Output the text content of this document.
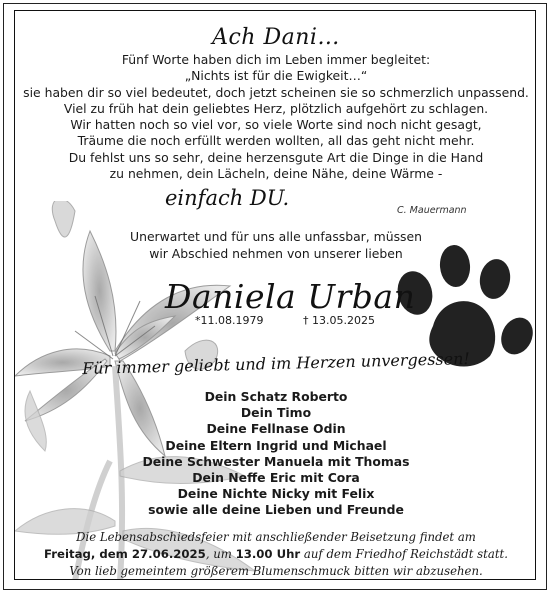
Ach Dani…
Fünf Worte haben dich im Leben immer begleitet:
„Nichts ist für die Ewigkeit…“
sie haben dir so viel bedeutet, doch jetzt scheinen sie so schmerzlich unpassend.
Viel zu früh hat dein geliebtes Herz, plötzlich aufgehört zu schlagen.
Wir hatten noch so viel vor, so viele Worte sind noch nicht gesagt,
Träume die noch erfüllt werden wollten, all das geht nicht mehr.
Du fehlst uns so sehr, deine herzensgute Art die Dinge in die Hand
zu nehmen, dein Lächeln, deine Nähe, deine Wärme -
einfach DU.
C. Mauermann
Unerwartet und für uns alle unfassbar, müssen
wir Abschied nehmen von unserer lieben
Daniela Urban
*11.08.1979	† 13.05.2025
Für immer geliebt und im Herzen unvergessen!
Dein Schatz Roberto
Dein Timo
Deine Fellnase Odin
Deine Eltern Ingrid und Michael
Deine Schwester Manuela mit Thomas
Dein Neffe Eric mit Cora
Deine Nichte Nicky mit Felix
sowie alle deine Lieben und Freunde
Die Lebensabschiedsfeier mit anschließender Beisetzung findet am
Freitag, dem 27.06.2025, um 13.00 Uhr auf dem Friedhof Reichstädt statt.
Von lieb gemeintem größerem Blumenschmuck bitten wir abzusehen.
